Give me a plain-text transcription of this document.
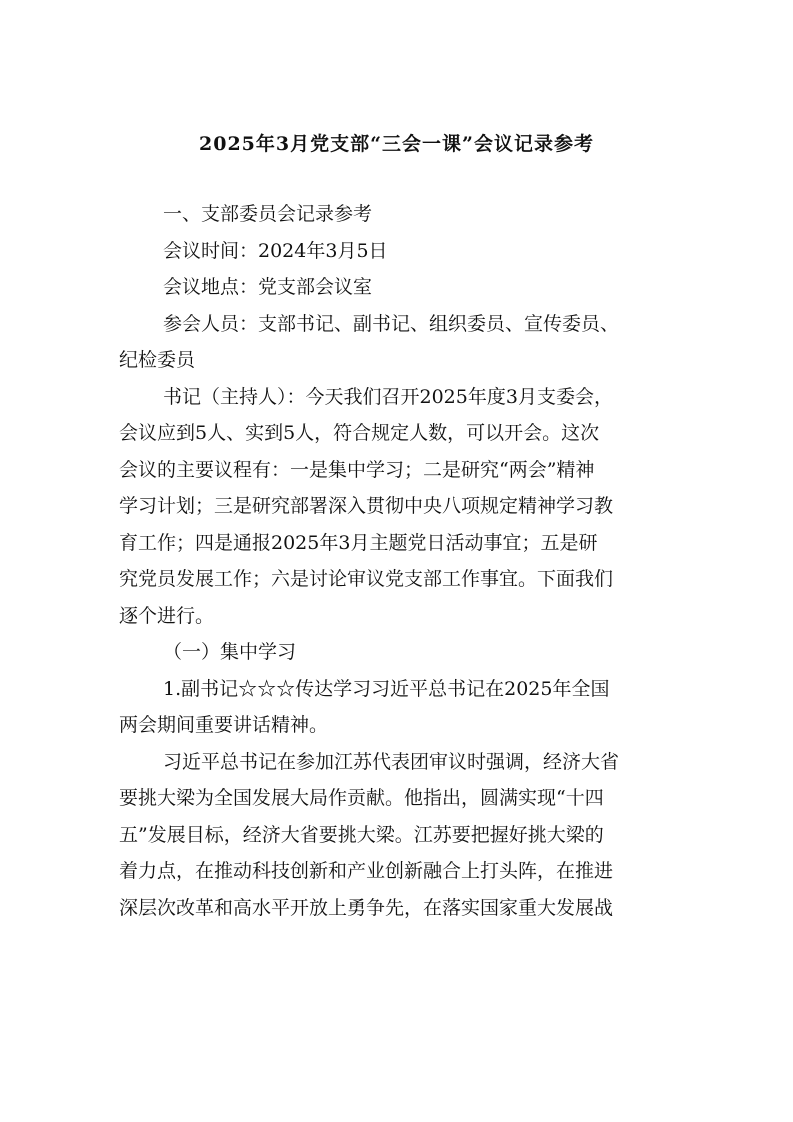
2025年3月党支部“三会一课”会议记录参考
一、支部委员会记录参考
会议时间：2024年3月5日
会议地点：党支部会议室
参会人员：支部书记、副书记、组织委员、宣传委员、
纪检委员
书记（主持人）：今天我们召开2025年度3月支委会，
会议应到5人、实到5人，符合规定人数，可以开会。这次
会议的主要议程有：一是集中学习；二是研究“两会”精神
学习计划；三是研究部署深入贯彻中央八项规定精神学习教
育工作；四是通报2025年3月主题党日活动事宜；五是研
究党员发展工作；六是讨论审议党支部工作事宜。下面我们
逐个进行。
（一）集中学习
1.副书记☆☆☆传达学习习近平总书记在2025年全国
两会期间重要讲话精神。
习近平总书记在参加江苏代表团审议时强调，经济大省
要挑大梁为全国发展大局作贡献。他指出，圆满实现“十四
五”发展目标，经济大省要挑大梁。江苏要把握好挑大梁的
着力点，在推动科技创新和产业创新融合上打头阵，在推进
深层次改革和高水平开放上勇争先，在落实国家重大发展战
